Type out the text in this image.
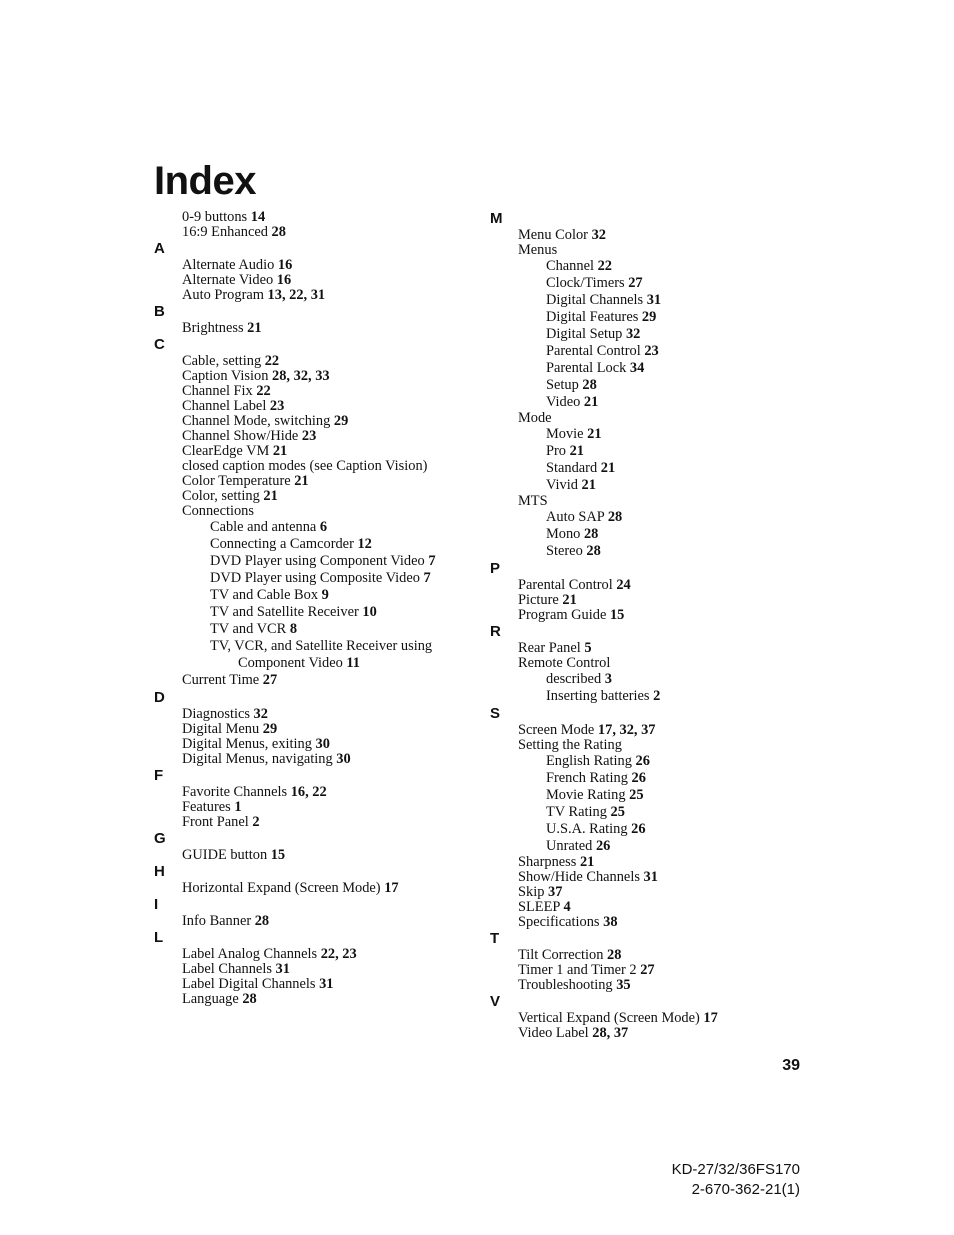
Index
0-9 buttons 14
16:9 Enhanced 28
A
Alternate Audio 16
Alternate Video 16
Auto Program 13, 22, 31
B
Brightness 21
C
Cable, setting 22
Caption Vision 28, 32, 33
Channel Fix 22
Channel Label 23
Channel Mode, switching 29
Channel Show/Hide 23
ClearEdge VM 21
closed caption modes (see Caption Vision)
Color Temperature 21
Color, setting 21
Connections
Cable and antenna 6
Connecting a Camcorder 12
DVD Player using Component Video 7
DVD Player using Composite Video 7
TV and Cable Box 9
TV and Satellite Receiver 10
TV and VCR 8
TV, VCR, and Satellite Receiver using
Component Video 11
Current Time 27
D
Diagnostics 32
Digital Menu 29
Digital Menus, exiting 30
Digital Menus, navigating 30
F
Favorite Channels 16, 22
Features 1
Front Panel 2
G
GUIDE button 15
H
Horizontal Expand (Screen Mode) 17
I
Info Banner 28
L
Label Analog Channels 22, 23
Label Channels 31
Label Digital Channels 31
Language 28
M
Menu Color 32
Menus
Channel 22
Clock/Timers 27
Digital Channels 31
Digital Features 29
Digital Setup 32
Parental Control 23
Parental Lock 34
Setup 28
Video 21
Mode
Movie 21
Pro 21
Standard 21
Vivid 21
MTS
Auto SAP 28
Mono 28
Stereo 28
P
Parental Control 24
Picture 21
Program Guide 15
R
Rear Panel 5
Remote Control
described 3
Inserting batteries 2
S
Screen Mode 17, 32, 37
Setting the Rating
English Rating 26
French Rating 26
Movie Rating 25
TV Rating 25
U.S.A. Rating 26
Unrated 26
Sharpness 21
Show/Hide Channels 31
Skip 37
SLEEP 4
Specifications 38
T
Tilt Correction 28
Timer 1 and Timer 2 27
Troubleshooting 35
V
Vertical Expand (Screen Mode) 17
Video Label 28, 37

39

KD-27/32/36FS170
2-670-362-21(1)
